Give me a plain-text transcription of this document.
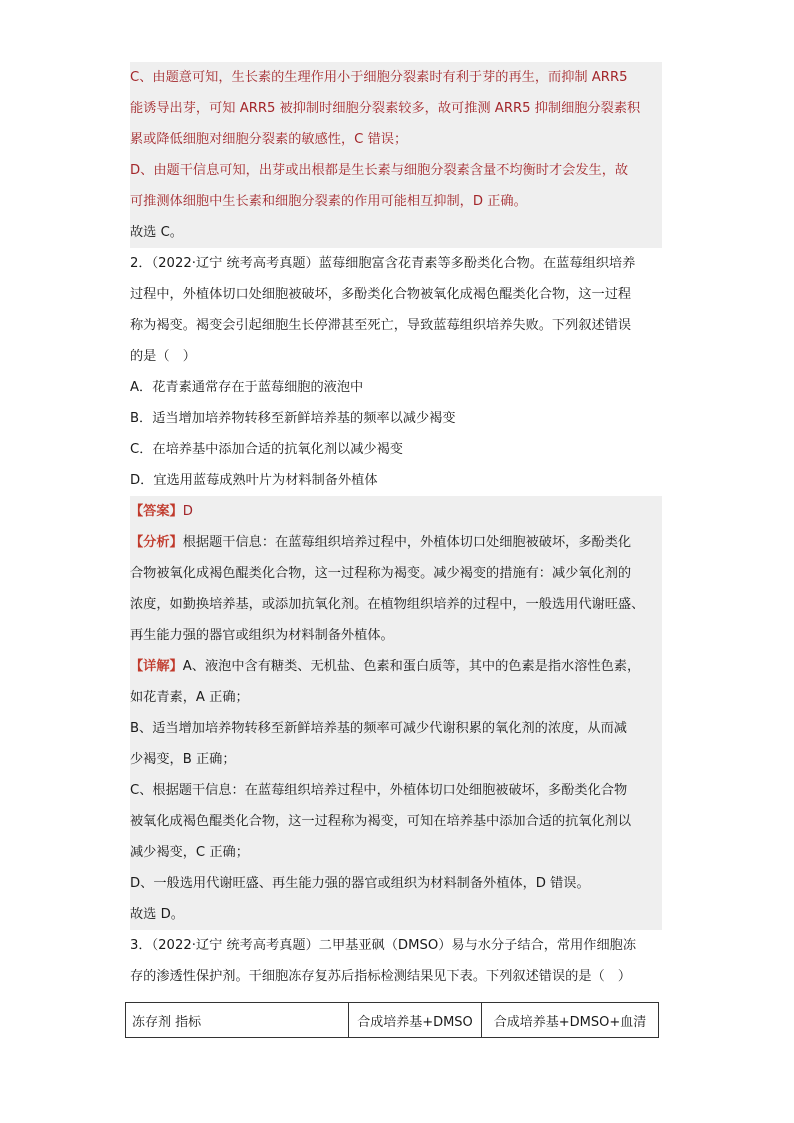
C、由题意可知，生长素的生理作用小于细胞分裂素时有利于芽的再生，而抑制 ARR5

能诱导出芽，可知 ARR5 被抑制时细胞分裂素较多，故可推测 ARR5 抑制细胞分裂素积

累或降低细胞对细胞分裂素的敏感性，C 错误；

D、由题干信息可知，出芽或出根都是生长素与细胞分裂素含量不均衡时才会发生，故

可推测体细胞中生长素和细胞分裂素的作用可能相互抑制，D 正确。

故选 C。

2．（2022·辽宁 统考高考真题）蓝莓细胞富含花青素等多酚类化合物。在蓝莓组织培养

过程中，外植体切口处细胞被破坏，多酚类化合物被氧化成褐色醌类化合物，这一过程

称为褐变。褐变会引起细胞生长停滞甚至死亡，导致蓝莓组织培养失败。下列叙述错误

的是（　）

A．花青素通常存在于蓝莓细胞的液泡中

B．适当增加培养物转移至新鲜培养基的频率以减少褐变

C．在培养基中添加合适的抗氧化剂以减少褐变

D．宜选用蓝莓成熟叶片为材料制备外植体

【答案】D

【分析】根据题干信息：在蓝莓组织培养过程中，外植体切口处细胞被破坏，多酚类化

合物被氧化成褐色醌类化合物，这一过程称为褐变。减少褐变的措施有：减少氧化剂的

浓度，如勤换培养基，或添加抗氧化剂。在植物组织培养的过程中，一般选用代谢旺盛、

再生能力强的器官或组织为材料制备外植体。

【详解】A、液泡中含有糖类、无机盐、色素和蛋白质等，其中的色素是指水溶性色素，

如花青素，A 正确；

B、适当增加培养物转移至新鲜培养基的频率可减少代谢积累的氧化剂的浓度，从而减

少褐变，B 正确；

C、根据题干信息：在蓝莓组织培养过程中，外植体切口处细胞被破坏，多酚类化合物

被氧化成褐色醌类化合物，这一过程称为褐变，可知在培养基中添加合适的抗氧化剂以

减少褐变，C 正确；

D、一般选用代谢旺盛、再生能力强的器官或组织为材料制备外植体，D 错误。

故选 D。

3．（2022·辽宁 统考高考真题）二甲基亚砜（DMSO）易与水分子结合，常用作细胞冻

存的渗透性保护剂。干细胞冻存复苏后指标检测结果见下表。下列叙述错误的是（　）

冻存剂 指标	合成培养基+DMSO	合成培养基+DMSO+血清
